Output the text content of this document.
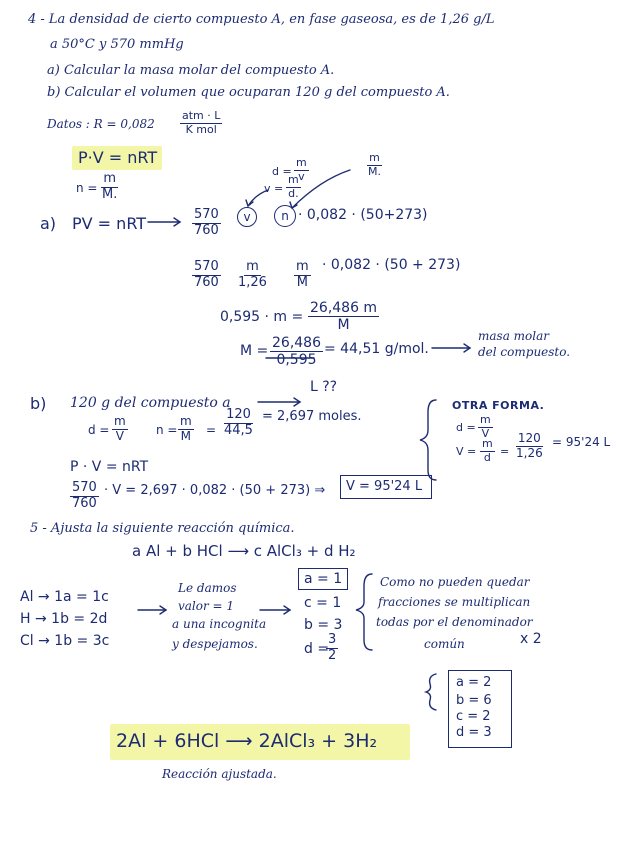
4 - La densidad de cierto compuesto A, en fase gaseosa, es de 1,26 g/L
a 50°C y 570 mmHg
a) Calcular la masa molar del compuesto A.
b) Calcular el volumen que ocuparan 120 g del compuesto A.
Datos : R = 0,082
atm · L
K mol
P·V = nRT
$n = \frac{m}{M.}$
$d = \frac{m}{v}$
$v = \frac{m}{d.}$
$\frac{m}{M.}$
a) PV = nRT	$\frac{570}{760}$	v	n · 0,082 · (50+273)
$\frac{570}{760} \frac{m}{1,26} \frac{m}{M} \cdot 0,082 \cdot (50 + 273)$
$0,595 \cdot m = \frac{26,486 m}{M}$
$M = \frac{26,486}{0,595} = 44,51$ g/mol.
masa molar
del compuesto.
b) 120 g del compuesto a
L ??
$d = \frac{m}{V}$ $n = \frac{m}{M} = \frac{120}{44,5} = 2,697$ moles.
P · V = nRT
$\frac{570}{760} \cdot V = 2,697 \cdot 0,082 \cdot (50 + 273)$ ⇒ V = 95'24 L
OTRA FORMA.
$d = \frac{m}{V}$
$V = \frac{m}{d} = \frac{120}{1,26} = 95'24$ L
5 - Ajusta la siguiente reacción química.
a Al + b HCl ⟶ c AlCl₃ + d H₂
Al → 1a = 1c
H → 1b = 2d
Cl → 1b = 3c
Le damos
valor = 1
a una incognita
y despejamos.
a = 1
c = 1
b = 3
d =
$\frac{3}{2}$
Como no pueden quedar
fracciones se multiplican
todas por el denominador
común	x 2
a = 2
b = 6
c = 2
d = 3
2Al + 6HCl ⟶ 2AlCl₃ + 3H₂
Reacción ajustada.
